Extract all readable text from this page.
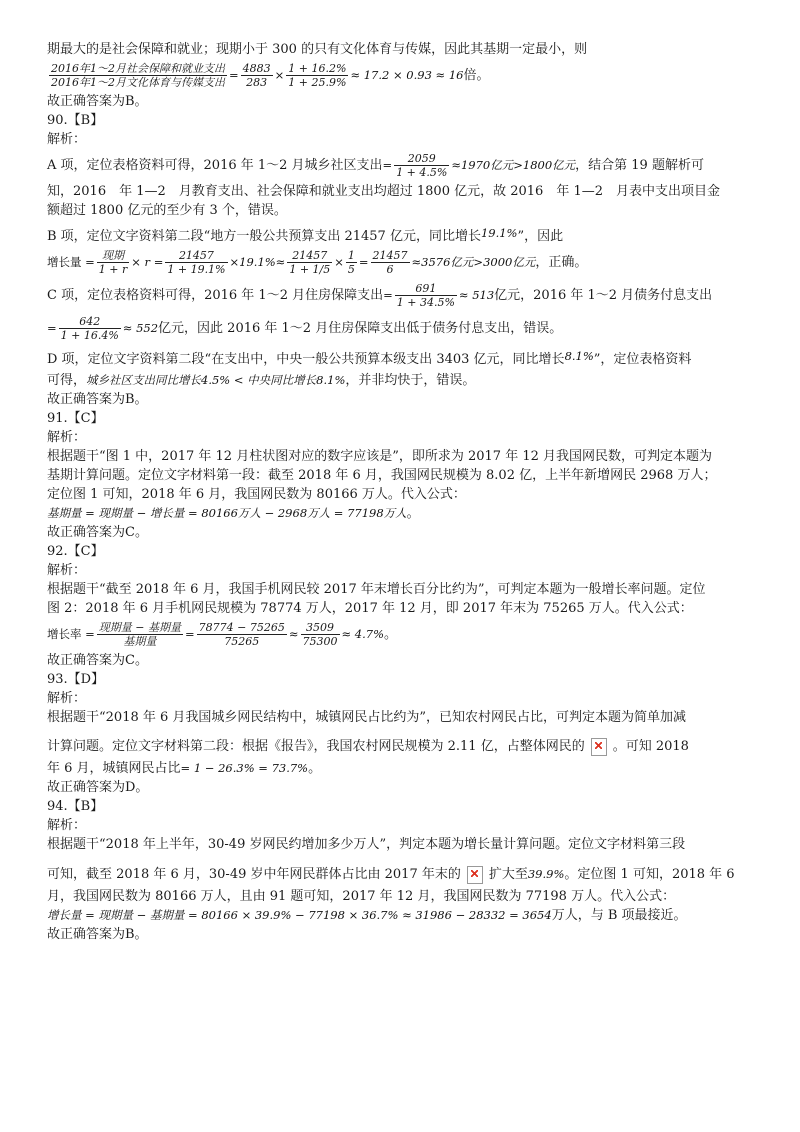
期最大的是社会保障和就业；现期小于 300 的只有文化体育与传媒，因此其基期一定最小，则

$\frac{\text{2016年1～2月社会保障和就业支出}}{\text{2016年1～2月文化体育与传媒支出}} = \frac{4883}{283} \times \frac{1 + 16.2\%}{1 + 25.9\%} \approx 17.2 \times 0.93 \approx 16$倍。

故正确答案为B。

90.【B】

解析：

A 项，定位表格资料可得，2016 年 1～2 月城乡社区支出= $\frac{2059}{1 + 4.5\%} \approx 1970$亿元>1800亿元，结合第 19 题解析可

知，2016　年 1—2　月教育支出、社会保障和就业支出均超过 1800 亿元，故 2016　年 1—2　月表中支出项目金

额超过 1800 亿元的至少有 3 个，错误。

B 项，定位文字资料第二段“地方一般公共预算支出 21457 亿元，同比增长19.1%”，因此

增长量 = $\frac{\text{现期}}{1 + r} \times r = \frac{21457}{1 + 19.1\%} \times 19.1\%\approx \frac{21457}{1 + 1/5} \times \frac{1}{5} = \frac{21457}{6} \approx 3576$亿元>3000亿元，正确。

C 项，定位表格资料可得，2016 年 1～2 月住房保障支出= $\frac{691}{1 + 34.5\%} \approx 513$亿元，2016 年 1～2 月债务付息支出

= $\frac{642}{1 + 16.4\%} \approx 552$亿元，因此 2016 年 1～2 月住房保障支出低于债务付息支出，错误。

D 项，定位文字资料第二段“在支出中，中央一般公共预算本级支出 3403 亿元，同比增长8.1%”，定位表格资料

可得，城乡社区支出同比增长4.5% < 中央同比增长8.1%，并非均快于，错误。

故正确答案为B。

91.【C】

解析：

根据题干“图 1 中，2017 年 12 月柱状图对应的数字应该是”，即所求为 2017 年 12 月我国网民数，可判定本题为

基期计算问题。定位文字材料第一段：截至 2018 年 6 月，我国网民规模为 8.02 亿，上半年新增网民 2968 万人；

定位图 1 可知，2018 年 6 月，我国网民数为 80166 万人。代入公式：

基期量 = 现期量 − 增长量 = 80166万人 − 2968万人 = 77198万人。

故正确答案为C。

92.【C】

解析：

根据题干“截至 2018 年 6 月，我国手机网民较 2017 年末增长百分比约为”，可判定本题为一般增长率问题。定位

图 2：2018 年 6 月手机网民规模为 78774 万人，2017 年 12 月，即 2017 年末为 75265 万人。代入公式：

增长率 = $\frac{\text{现期量 − 基期量}}{\text{基期量}} = \frac{78774 - 75265}{75265} \approx \frac{3509}{75300} \approx 4.7\%$。

故正确答案为C。

93.【D】

解析：

根据题干“2018 年 6 月我国城乡网民结构中，城镇网民占比约为”，已知农村网民占比，可判定本题为简单加减

计算问题。定位文字材料第二段：根据《报告》，我国农村网民规模为 2.11 亿，占整体网民的 。可知 2018

年 6 月，城镇网民占比= 1 − 26.3% = 73.7%。

故正确答案为D。

94.【B】

解析：

根据题干“2018 年上半年，30-49 岁网民约增加多少万人”，判定本题为增长量计算问题。定位文字材料第三段

可知，截至 2018 年 6 月，30-49 岁中年网民群体占比由 2017 年末的 扩大至39.9%。定位图 1 可知，2018 年 6

月，我国网民数为 80166 万人，且由 91 题可知，2017 年 12 月，我国网民数为 77198 万人。代入公式：

增长量 = 现期量 − 基期量 = 80166 × 39.9% − 77198 × 36.7% ≈ 31986 − 28332 = 3654万人，与 B 项最接近。

故正确答案为B。
